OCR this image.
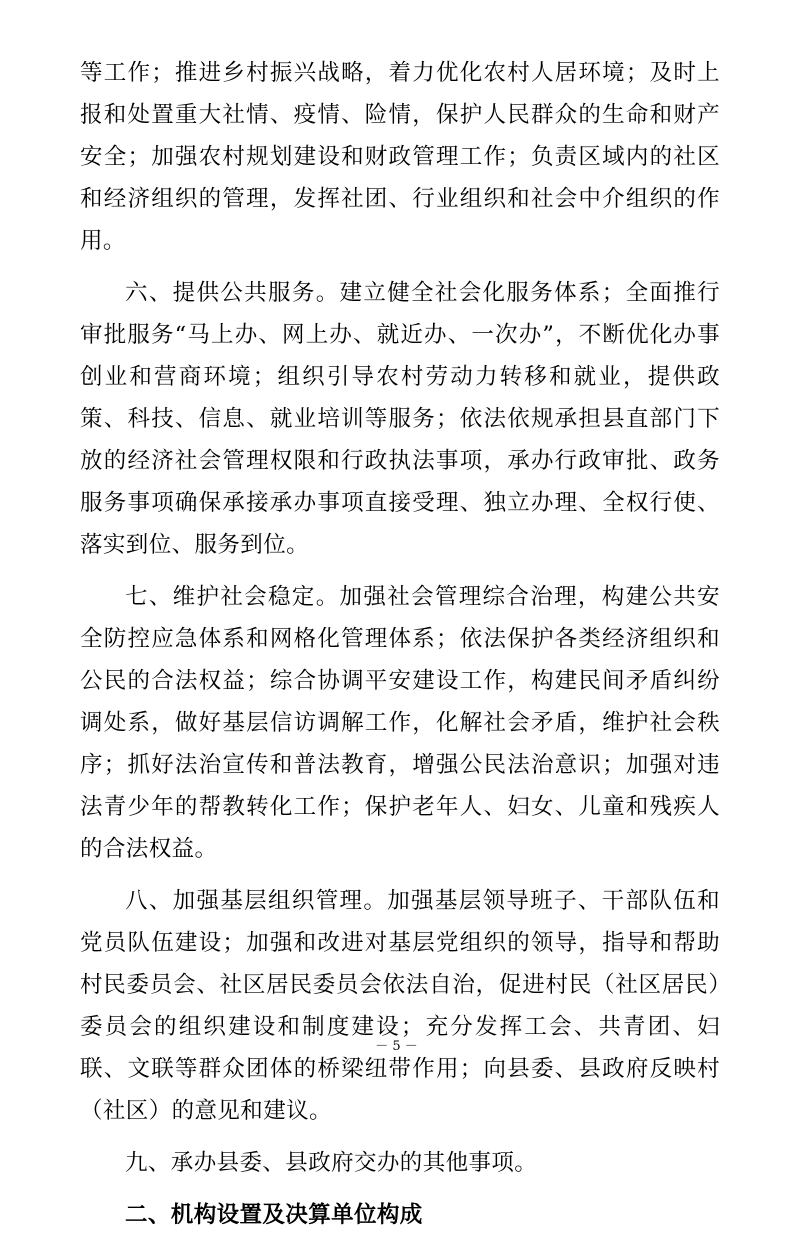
等工作；推进乡村振兴战略，着力优化农村人居环境；及时上报和处置重大社情、疫情、险情，保护人民群众的生命和财产安全；加强农村规划建设和财政管理工作；负责区域内的社区和经济组织的管理，发挥社团、行业组织和社会中介组织的作用。

六、提供公共服务。建立健全社会化服务体系；全面推行审批服务“马上办、网上办、就近办、一次办”，不断优化办事创业和营商环境；组织引导农村劳动力转移和就业，提供政策、科技、信息、就业培训等服务；依法依规承担县直部门下放的经济社会管理权限和行政执法事项，承办行政审批、政务服务事项确保承接承办事项直接受理、独立办理、全权行使、落实到位、服务到位。

七、维护社会稳定。加强社会管理综合治理，构建公共安全防控应急体系和网格化管理体系；依法保护各类经济组织和公民的合法权益；综合协调平安建设工作，构建民间矛盾纠纷调处系，做好基层信访调解工作，化解社会矛盾，维护社会秩序；抓好法治宣传和普法教育，增强公民法治意识；加强对违法青少年的帮教转化工作；保护老年人、妇女、儿童和残疾人的合法权益。

八、加强基层组织管理。加强基层领导班子、干部队伍和党员队伍建设；加强和改进对基层党组织的领导，指导和帮助村民委员会、社区居民委员会依法自治，促进村民（社区居民）委员会的组织建设和制度建设；充分发挥工会、共青团、妇联、文联等群众团体的桥梁纽带作用；向县委、县政府反映村（社区）的意见和建议。

九、承办县委、县政府交办的其他事项。

二、机构设置及决算单位构成

－ 5 －
